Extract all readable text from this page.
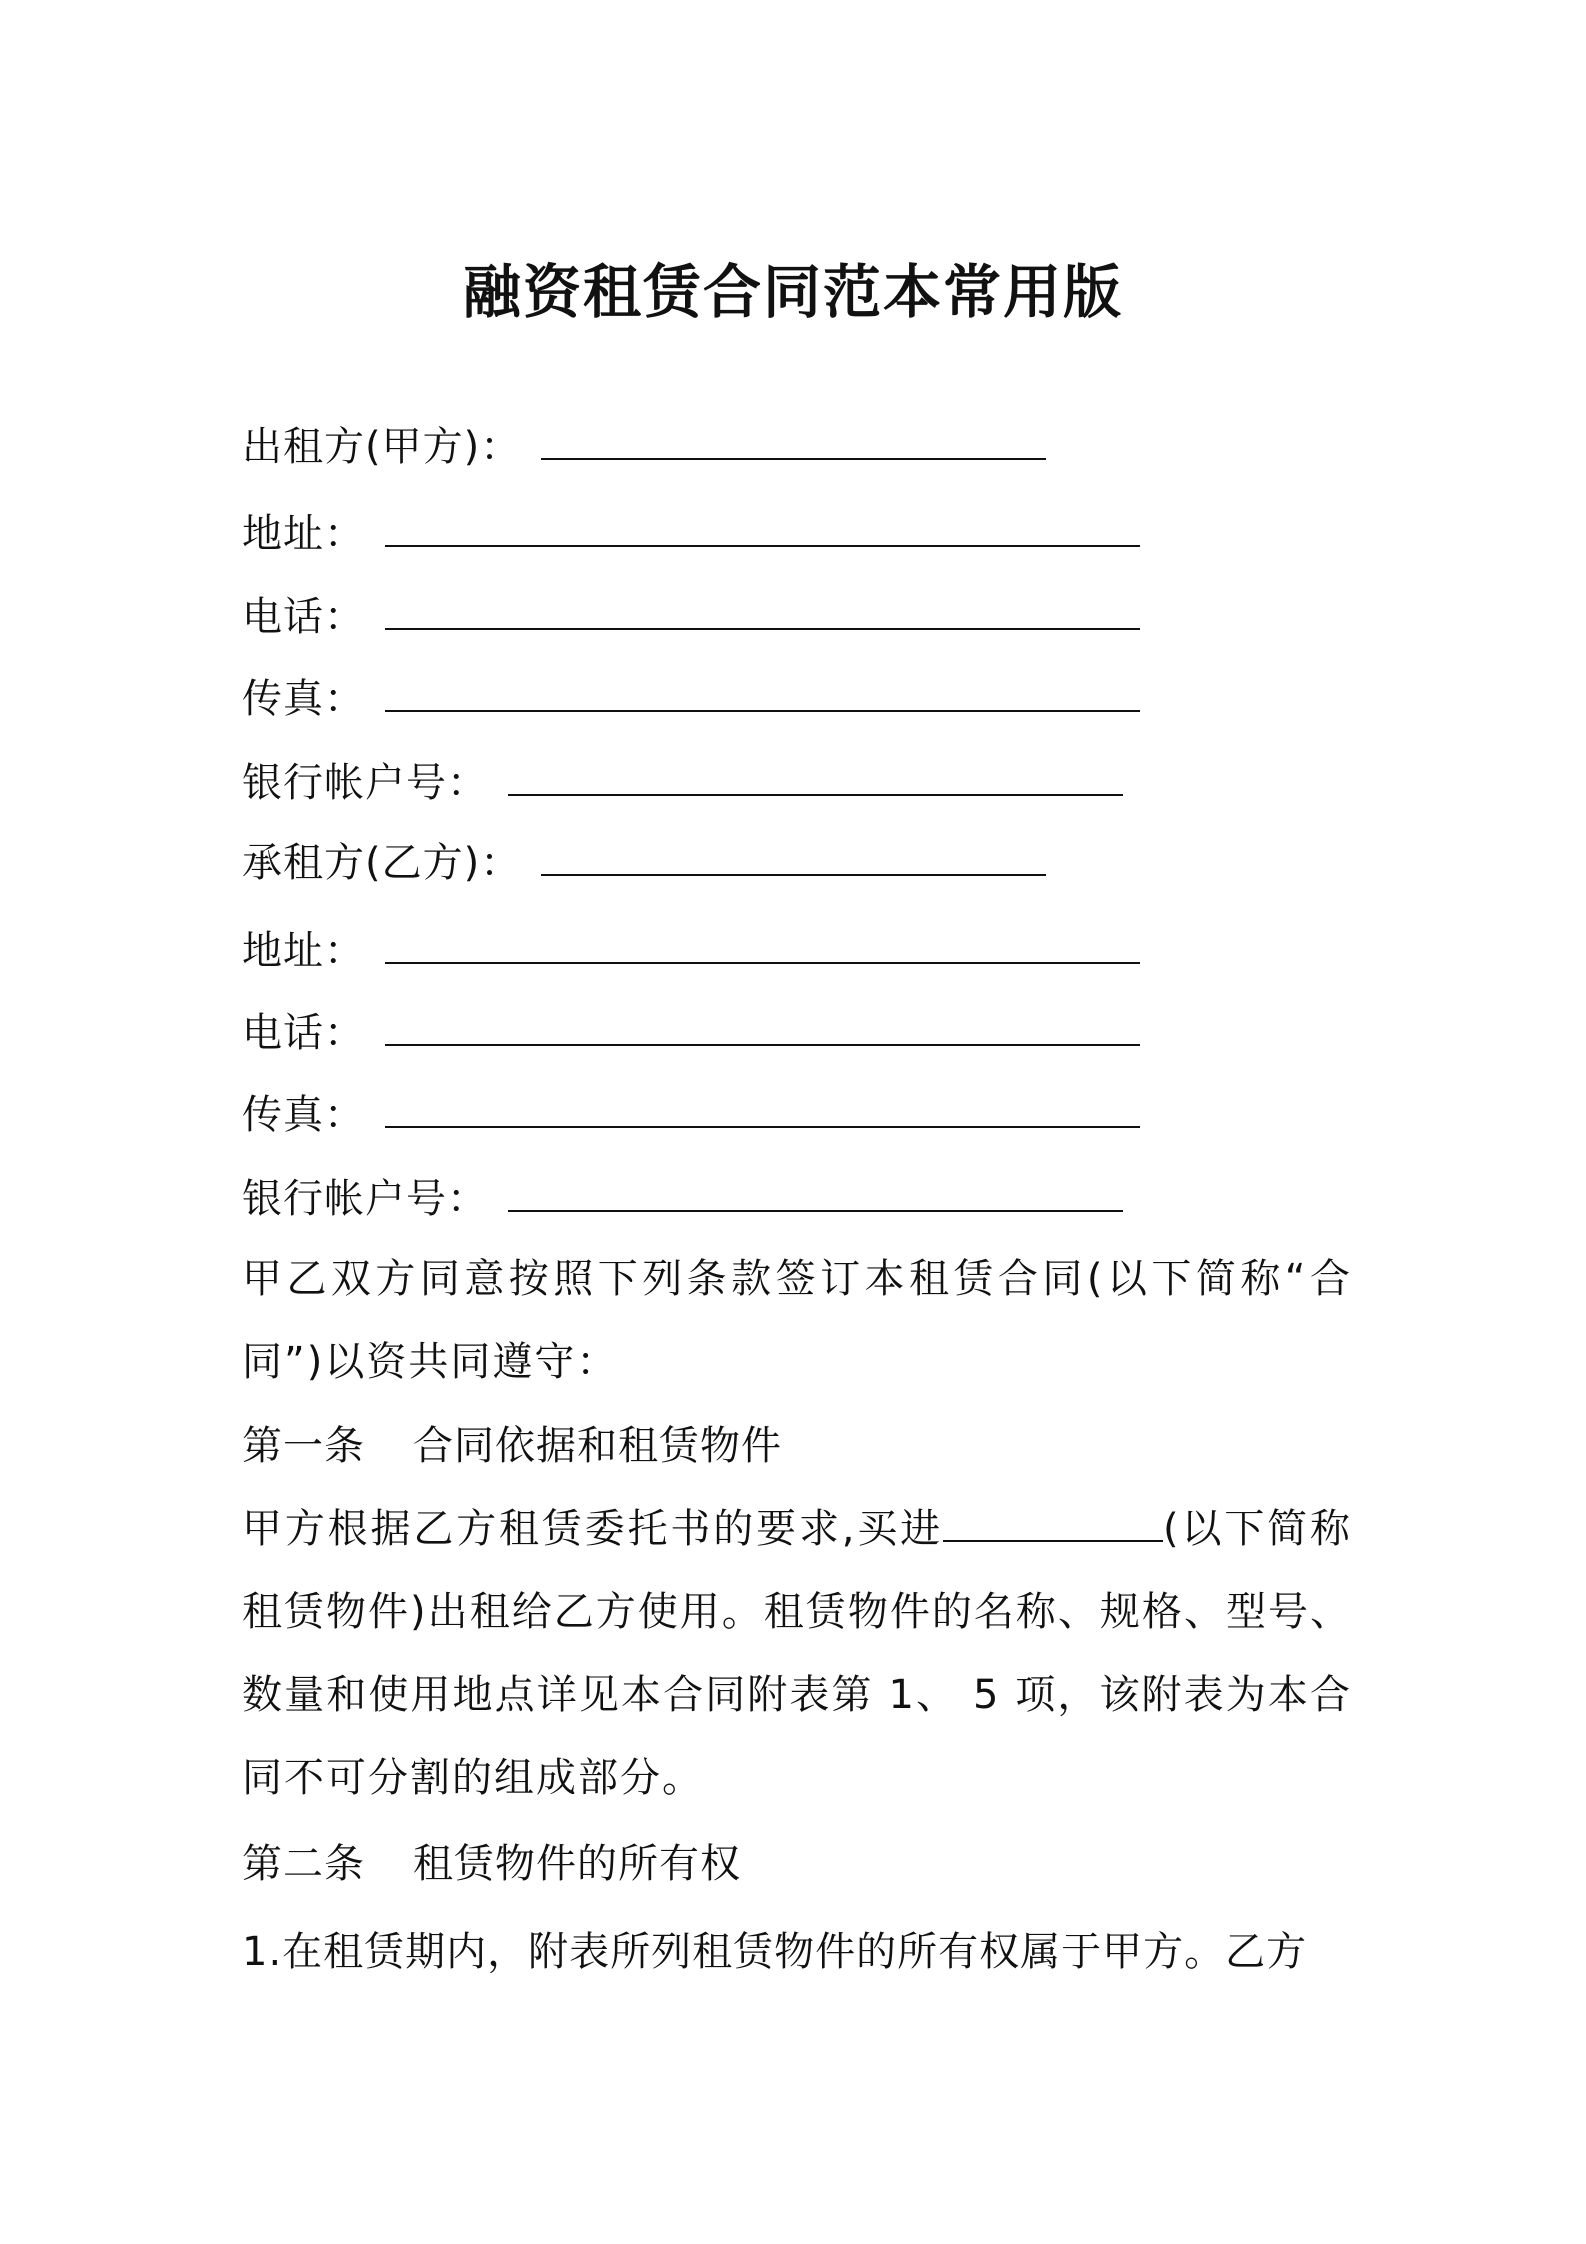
融资租赁合同范本常用版
出租方(甲方)：
地址：
电话：
传真：
银行帐户号：
承租方(乙方)：
地址：
电话：
传真：
银行帐户号：
甲乙双方同意按照下列条款签订本租赁合同(以下简称“合同”)以资共同遵守：
第一条 合同依据和租赁物件
甲方根据乙方租赁委托书的要求,买进	(以下简称租赁物件)出租给乙方使用。租赁物件的名称、规格、型号、数量和使用地点详见本合同附表第 1、 5 项，该附表为本合同不可分割的组成部分。
第二条 租赁物件的所有权
1.在租赁期内，附表所列租赁物件的所有权属于甲方。乙方
